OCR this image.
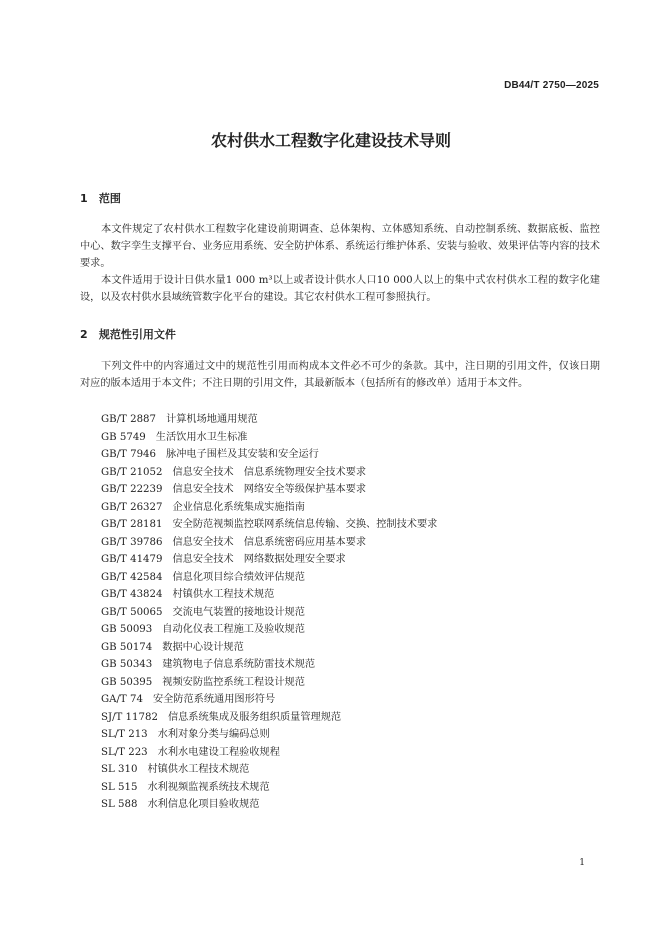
DB44/T 2750—2025
农村供水工程数字化建设技术导则
1 范围

本文件规定了农村供水工程数字化建设前期调查、总体架构、立体感知系统、自动控制系统、数据底板、监控中心、数字孪生支撑平台、业务应用系统、安全防护体系、系统运行维护体系、安装与验收、效果评估等内容的技术要求。

本文件适用于设计日供水量1 000 m³以上或者设计供水人口10 000人以上的集中式农村供水工程的数字化建设，以及农村供水县域统管数字化平台的建设。其它农村供水工程可参照执行。

2 规范性引用文件

下列文件中的内容通过文中的规范性引用而构成本文件必不可少的条款。其中，注日期的引用文件，仅该日期对应的版本适用于本文件；不注日期的引用文件，其最新版本（包括所有的修改单）适用于本文件。

GB/T 2887 计算机场地通用规范
GB 5749 生活饮用水卫生标准
GB/T 7946 脉冲电子围栏及其安装和安全运行
GB/T 21052 信息安全技术　信息系统物理安全技术要求
GB/T 22239 信息安全技术　网络安全等级保护基本要求
GB/T 26327 企业信息化系统集成实施指南
GB/T 28181 安全防范视频监控联网系统信息传输、交换、控制技术要求
GB/T 39786 信息安全技术　信息系统密码应用基本要求
GB/T 41479 信息安全技术　网络数据处理安全要求
GB/T 42584 信息化项目综合绩效评估规范
GB/T 43824 村镇供水工程技术规范
GB/T 50065 交流电气装置的接地设计规范
GB 50093 自动化仪表工程施工及验收规范
GB 50174 数据中心设计规范
GB 50343 建筑物电子信息系统防雷技术规范
GB 50395 视频安防监控系统工程设计规范
GA/T 74 安全防范系统通用图形符号
SJ/T 11782 信息系统集成及服务组织质量管理规范
SL/T 213 水利对象分类与编码总则
SL/T 223 水利水电建设工程验收规程
SL 310 村镇供水工程技术规范
SL 515 水利视频监视系统技术规范
SL 588 水利信息化项目验收规范
1
